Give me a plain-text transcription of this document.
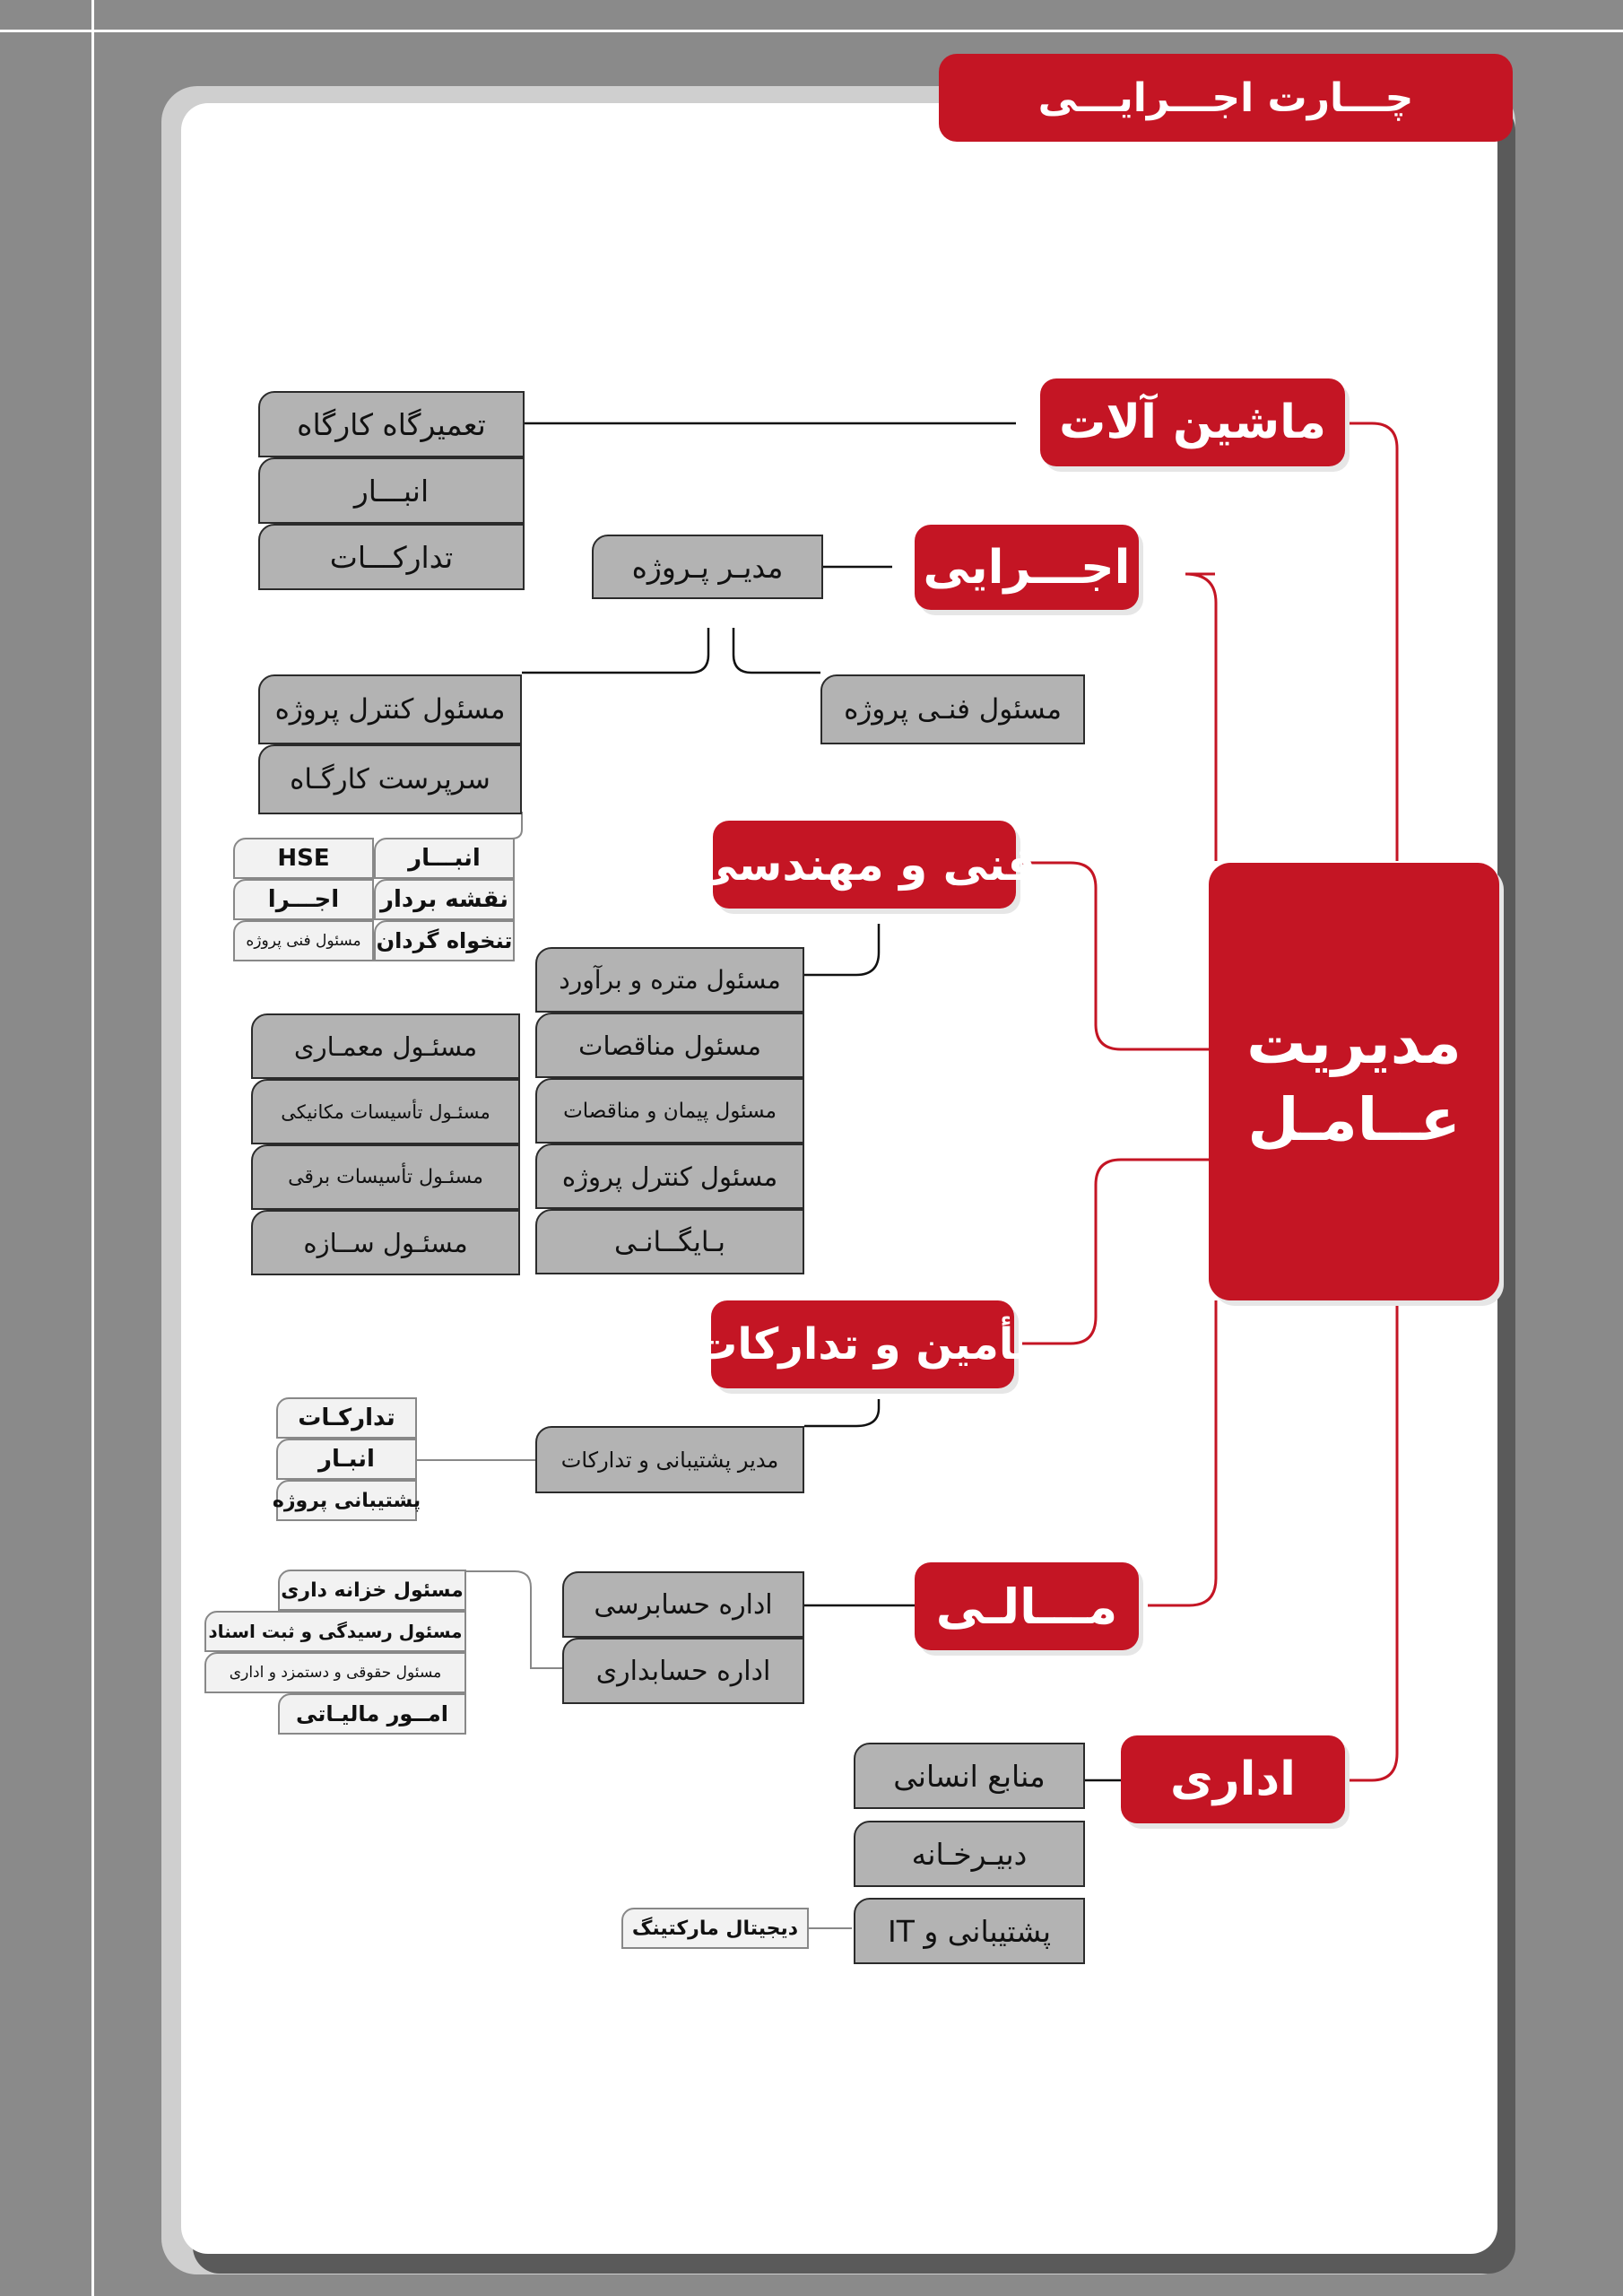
چـــارت اجـــرایـــی
مدیریت
عــامـل
ماشین آلات
اجـــرایی
فنی و مهندسی
تأمین و تدارکات
مـــالـی
اداری
تعمیرگاه کارگاه
انبـــار
تدارکـــات	مدیـر پـروژه
مسئول فنـی پروژه
مسئول کنترل پروژه
سرپرست کارگـاه
انبـــار
HSE
نقشه بردار
اجـــرا
تنخواه گردان
مسئول فنی پروژه
مسئول متره و برآورد
مسئول مناقصات
مسئول پیمان و مناقصات
مسئول کنترل پروژه
بـایگــانـی
مسئـول معمـاری
مسئـول تأسیسات مکانیکی
مسئـول تأسیسات برقی
مسئـول ســازه
مدیر پشتیبانی و تدارکات
تدارکـات
انبـار
پشتیبانی پروژه
اداره حسابرسی
اداره حسابداری
مسئول خزانه داری
مسئول رسیدگی و ثبت اسناد
مسئول حقوقی و دستمزد و اداری
امــور مالیـاتی
منابع انسانی
دبیـرخـانه
پشتیبانی و IT
دیجیتال مارکتینگ
